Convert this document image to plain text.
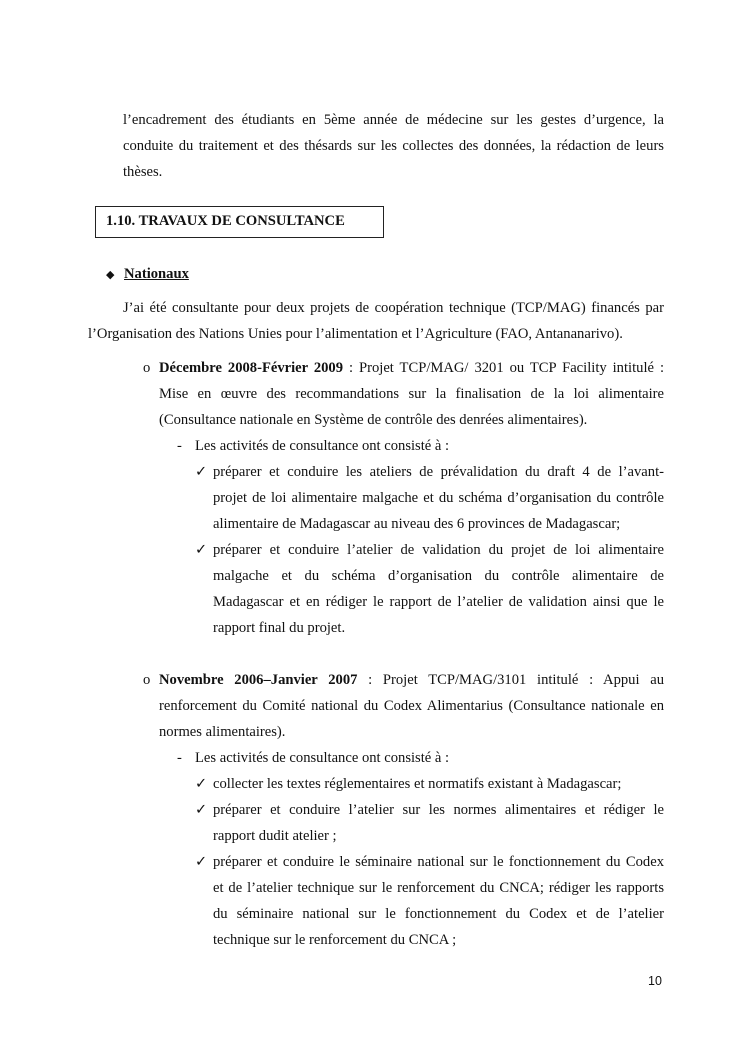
l’encadrement des étudiants en 5ème année de médecine sur les gestes d’urgence, la
conduite du traitement et des thésards sur les collectes des données, la rédaction de leurs
thèses.
1.10. TRAVAUX DE CONSULTANCE
◆ Nationaux
J’ai été consultante pour deux projets de coopération technique (TCP/MAG) financés par
l’Organisation des Nations Unies pour l’alimentation et l’Agriculture (FAO, Antananarivo).
o Décembre 2008-Février 2009 : Projet TCP/MAG/ 3201 ou TCP Facility intitulé :
Mise en œuvre des recommandations sur la finalisation de la loi alimentaire
(Consultance nationale en Système de contrôle des denrées alimentaires).
- Les activités de consultance ont consisté à :
✓ préparer et conduire les ateliers de prévalidation du draft 4 de l’avant-
projet de loi alimentaire malgache et du schéma d’organisation du contrôle
alimentaire de Madagascar au niveau des 6 provinces de Madagascar;
✓ préparer et conduire l’atelier de validation du projet de loi alimentaire
malgache et du schéma d’organisation du contrôle alimentaire de
Madagascar et en rédiger le rapport de l’atelier de validation ainsi que le
rapport final du projet.
o Novembre 2006–Janvier 2007 : Projet TCP/MAG/3101 intitulé : Appui au
renforcement du Comité national du Codex Alimentarius (Consultance nationale en
normes alimentaires).
- Les activités de consultance ont consisté à :
✓ collecter les textes réglementaires et normatifs existant à Madagascar;
✓ préparer et conduire l’atelier sur les normes alimentaires et rédiger le
rapport dudit atelier ;
✓ préparer et conduire le séminaire national sur le fonctionnement du Codex
et de l’atelier technique sur le renforcement du CNCA; rédiger les rapports
du séminaire national sur le fonctionnement du Codex et de l’atelier
technique sur le renforcement du CNCA ;
10
